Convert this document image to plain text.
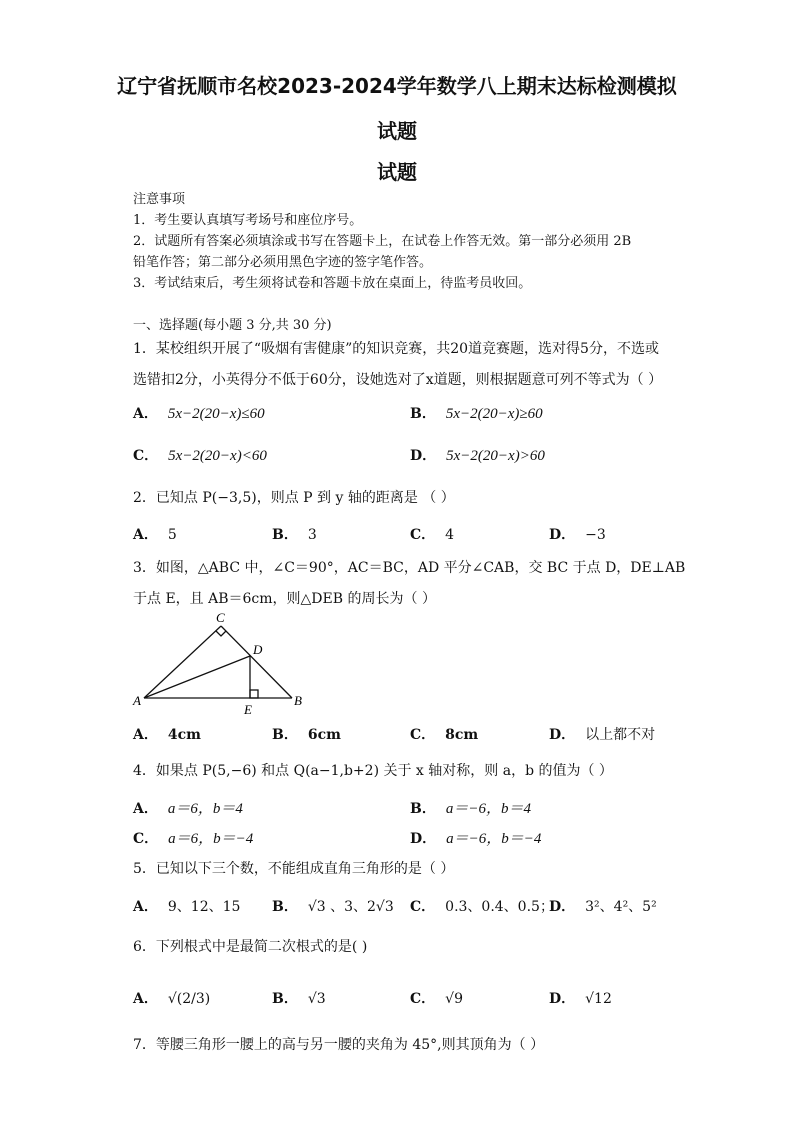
辽宁省抚顺市名校2023-2024学年数学八上期末达标检测模拟
试题
试题
注意事项
1．考生要认真填写考场号和座位序号。
2．试题所有答案必须填涂或书写在答题卡上，在试卷上作答无效。第一部分必须用 2B
铅笔作答；第二部分必须用黑色字迹的签字笔作答。
3．考试结束后，考生须将试卷和答题卡放在桌面上，待监考员收回。
一、选择题(每小题 3 分,共 30 分)
1．某校组织开展了“吸烟有害健康”的知识竞赛，共20道竞赛题，选对得5分，不选或
选错扣2分，小英得分不低于60分，设她选对了x道题，则根据题意可列不等式为（ ）
A． 5x−2(20−x)≤60	B． 5x−2(20−x)≥60
C． 5x−2(20−x)<60	D． 5x−2(20−x)>60
2．已知点 P(−3,5)，则点 P 到 y 轴的距离是 （ ）
A． 5	B． 3	C． 4	D． −3
3．如图，△ABC 中，∠C＝90°，AC＝BC，AD 平分∠CAB，交 BC 于点 D，DE⊥AB
于点 E，且 AB＝6cm，则△DEB 的周长为（ ）
C
D
A	B
E
A． 4cm	B． 6cm	C． 8cm	D． 以上都不对
4．如果点 P(5,−6) 和点 Q(a−1,b+2) 关于 x 轴对称，则 a，b 的值为（ ）
A． a＝6，b＝4	B． a＝−6，b＝4
C． a＝6，b＝−4	D． a＝−6，b＝−4
5．已知以下三个数，不能组成直角三角形的是（ ）
A． 9、12、15 B． √3 、3、2√3 C． 0.3、0.4、0.5；
D． 3²、4²、5²
6．下列根式中是最简二次根式的是( )
A． √(2/3)	B． √3	C． √9	D． √12
7．等腰三角形一腰上的高与另一腰的夹角为 45°,则其顶角为（ ）
